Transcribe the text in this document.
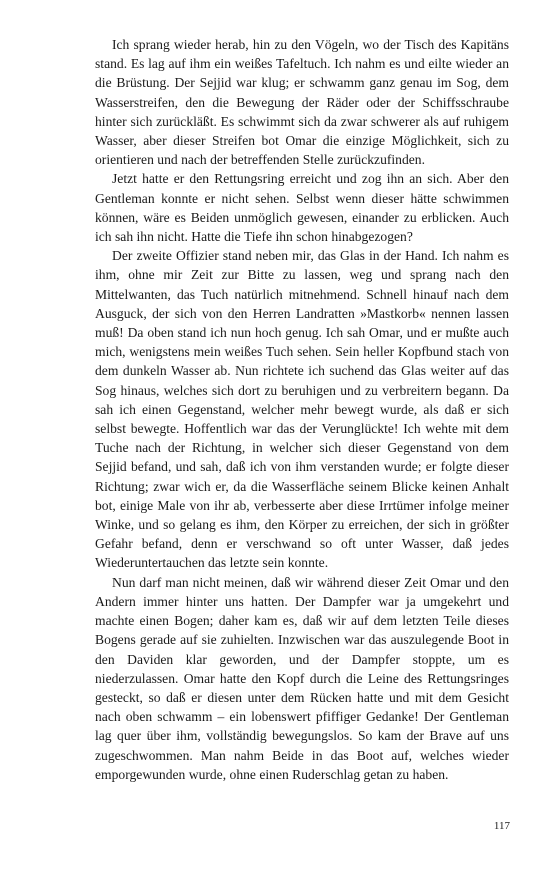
Ich sprang wieder herab, hin zu den Vögeln, wo der Tisch des Kapitäns stand. Es lag auf ihm ein weißes Tafeltuch. Ich nahm es und eilte wieder an die Brüstung. Der Sejjid war klug; er schwamm ganz genau im Sog, dem Wasserstreifen, den die Bewegung der Räder oder der Schiffsschraube hinter sich zurückläßt. Es schwimmt sich da zwar schwerer als auf ruhigem Wasser, aber dieser Streifen bot Omar die einzige Möglichkeit, sich zu orientieren und nach der betreffenden Stelle zurückzufinden.

Jetzt hatte er den Rettungsring erreicht und zog ihn an sich. Aber den Gentleman konnte er nicht sehen. Selbst wenn dieser hätte schwimmen können, wäre es Beiden unmöglich gewesen, einander zu erblicken. Auch ich sah ihn nicht. Hatte die Tiefe ihn schon hinabgezogen?

Der zweite Offizier stand neben mir, das Glas in der Hand. Ich nahm es ihm, ohne mir Zeit zur Bitte zu lassen, weg und sprang nach den Mittelwanten, das Tuch natürlich mitnehmend. Schnell hinauf nach dem Ausguck, der sich von den Herren Landratten »Mastkorb« nennen lassen muß! Da oben stand ich nun hoch genug. Ich sah Omar, und er mußte auch mich, wenigstens mein weißes Tuch sehen. Sein heller Kopfbund stach von dem dunkeln Wasser ab. Nun richtete ich suchend das Glas weiter auf das Sog hinaus, welches sich dort zu beruhigen und zu verbreitern begann. Da sah ich einen Gegenstand, welcher mehr bewegt wurde, als daß er sich selbst bewegte. Hoffentlich war das der Verunglückte! Ich wehte mit dem Tuche nach der Richtung, in welcher sich dieser Gegenstand von dem Sejjid befand, und sah, daß ich von ihm verstanden wurde; er folgte dieser Richtung; zwar wich er, da die Wasserfläche seinem Blicke keinen Anhalt bot, einige Male von ihr ab, verbesserte aber diese Irrtümer infolge meiner Winke, und so gelang es ihm, den Körper zu erreichen, der sich in größter Gefahr befand, denn er verschwand so oft unter Wasser, daß jedes Wiederuntertauchen das letzte sein konnte.

Nun darf man nicht meinen, daß wir während dieser Zeit Omar und den Andern immer hinter uns hatten. Der Dampfer war ja umgekehrt und machte einen Bogen; daher kam es, daß wir auf dem letzten Teile dieses Bogens gerade auf sie zuhielten. Inzwischen war das auszulegende Boot in den Daviden klar geworden, und der Dampfer stoppte, um es niederzulassen. Omar hatte den Kopf durch die Leine des Rettungsringes gesteckt, so daß er diesen unter dem Rücken hatte und mit dem Gesicht nach oben schwamm – ein lobenswert pfiffiger Gedanke! Der Gentleman lag quer über ihm, vollständig bewegungslos. So kam der Brave auf uns zugeschwommen. Man nahm Beide in das Boot auf, welches wieder emporgewunden wurde, ohne einen Ruderschlag getan zu haben.

117
